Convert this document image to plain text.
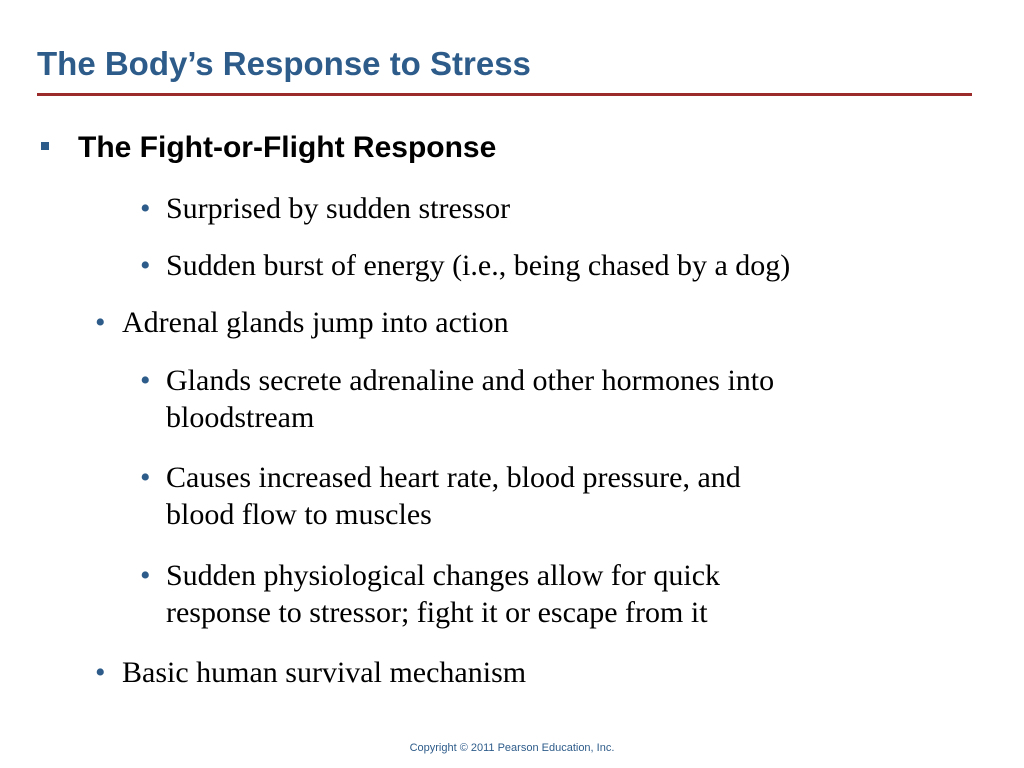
The Body’s Response to Stress
The Fight-or-Flight Response
• Surprised by sudden stressor
• Sudden burst of energy (i.e., being chased by a dog)
• Adrenal glands jump into action
• Glands secrete adrenaline and other hormones into
bloodstream
• Causes increased heart rate, blood pressure, and
blood flow to muscles
• Sudden physiological changes allow for quick
response to stressor; fight it or escape from it
• Basic human survival mechanism
Copyright © 2011 Pearson Education, Inc.
